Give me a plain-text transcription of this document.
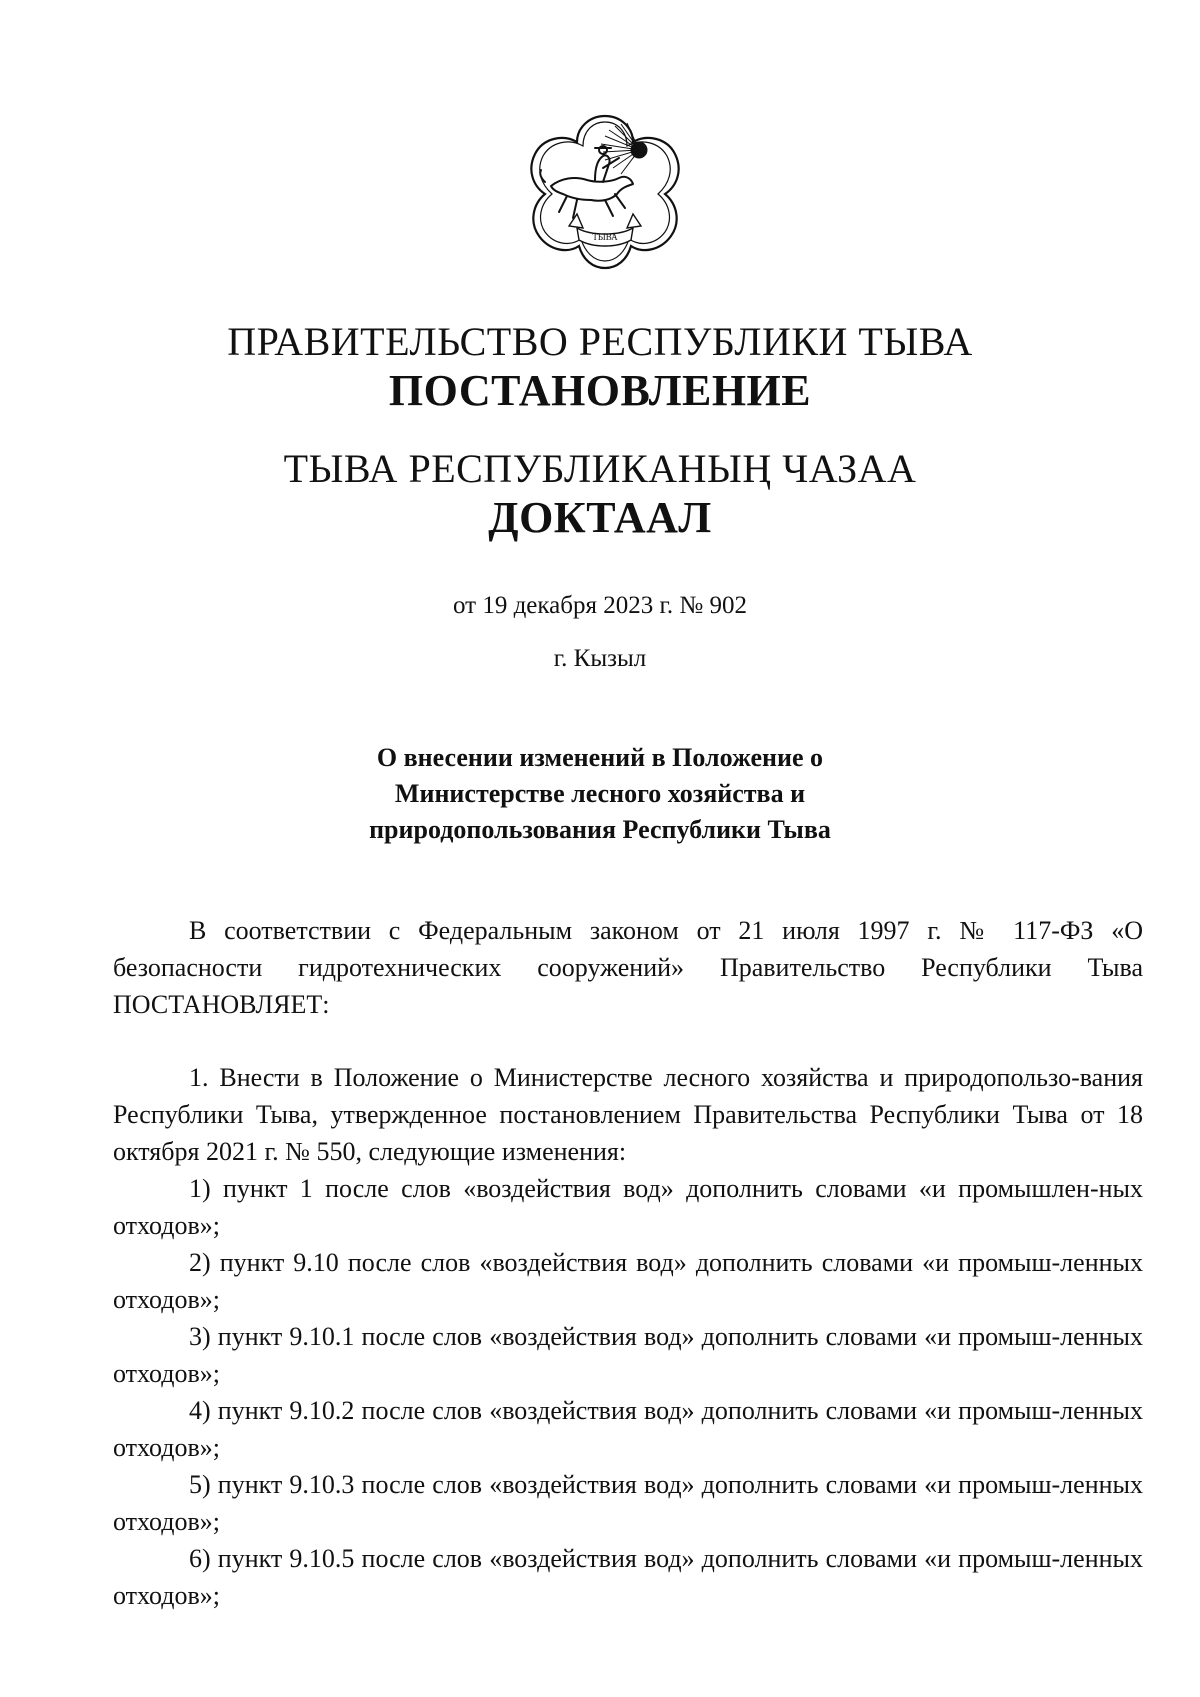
ТЫВА
ПРАВИТЕЛЬСТВО РЕСПУБЛИКИ ТЫВА
ПОСТАНОВЛЕНИЕ
ТЫВА РЕСПУБЛИКАНЫҢ ЧАЗАА
ДОКТААЛ
от 19 декабря 2023 г. № 902
г. Кызыл
О внесении изменений в Положение о
Министерстве лесного хозяйства и
природопользования Республики Тыва

В соответствии с Федеральным законом от 21 июля 1997 г. № 117-ФЗ «О безопасности гидротехнических сооружений» Правительство Республики Тыва ПОСТАНОВЛЯЕТ:

1. Внести в Положение о Министерстве лесного хозяйства и природопользо-вания Республики Тыва, утвержденное постановлением Правительства Республики Тыва от 18 октября 2021 г. № 550, следующие изменения:

1) пункт 1 после слов «воздействия вод» дополнить словами «и промышлен-ных отходов»;

2) пункт 9.10 после слов «воздействия вод» дополнить словами «и промыш-ленных отходов»;

3) пункт 9.10.1 после слов «воздействия вод» дополнить словами «и промыш-ленных отходов»;

4) пункт 9.10.2 после слов «воздействия вод» дополнить словами «и промыш-ленных отходов»;

5) пункт 9.10.3 после слов «воздействия вод» дополнить словами «и промыш-ленных отходов»;

6) пункт 9.10.5 после слов «воздействия вод» дополнить словами «и промыш-ленных отходов»;
